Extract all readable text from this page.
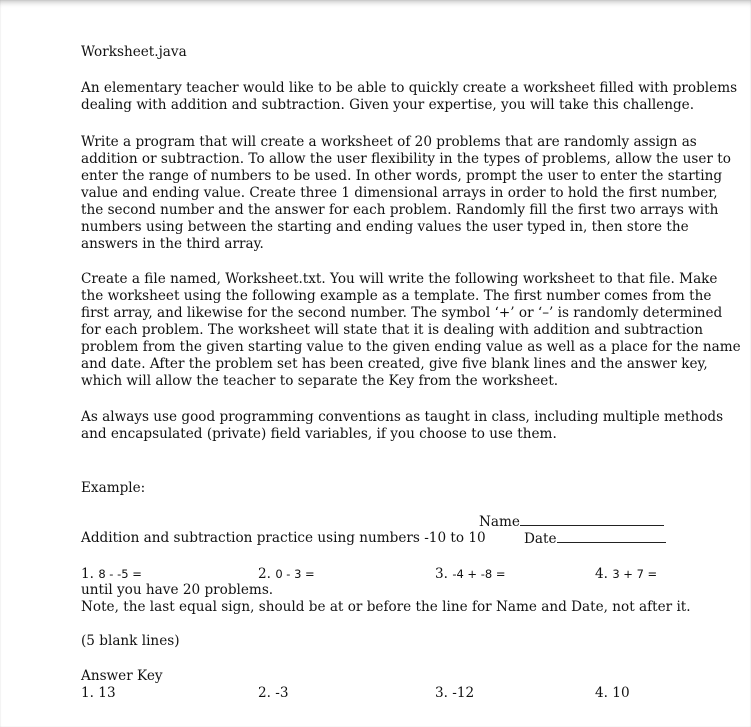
Worksheet.java
An elementary teacher would like to be able to quickly create a worksheet filled with problems
dealing with addition and subtraction. Given your expertise, you will take this challenge.
Write a program that will create a worksheet of 20 problems that are randomly assign as
addition or subtraction. To allow the user flexibility in the types of problems, allow the user to
enter the range of numbers to be used. In other words, prompt the user to enter the starting
value and ending value. Create three 1 dimensional arrays in order to hold the first number,
the second number and the answer for each problem. Randomly fill the first two arrays with
numbers using between the starting and ending values the user typed in, then store the
answers in the third array.
Create a file named, Worksheet.txt. You will write the following worksheet to that file. Make
the worksheet using the following example as a template. The first number comes from the
first array, and likewise for the second number. The symbol ‘+’ or ‘–’ is randomly determined
for each problem. The worksheet will state that it is dealing with addition and subtraction
problem from the given starting value to the given ending value as well as a place for the name
and date. After the problem set has been created, give five blank lines and the answer key,
which will allow the teacher to separate the Key from the worksheet.
As always use good programming conventions as taught in class, including multiple methods
and encapsulated (private) field variables, if you choose to use them.
Example:
Name
Addition and subtraction practice using numbers -10 to 10	Date
1. 8 - -5 =	2. 0 - 3 =	3. -4 + -8 =	4. 3 + 7 =
until you have 20 problems.
Note, the last equal sign, should be at or before the line for Name and Date, not after it.
(5 blank lines)
Answer Key
1. 13	2. -3	3. -12	4. 10
